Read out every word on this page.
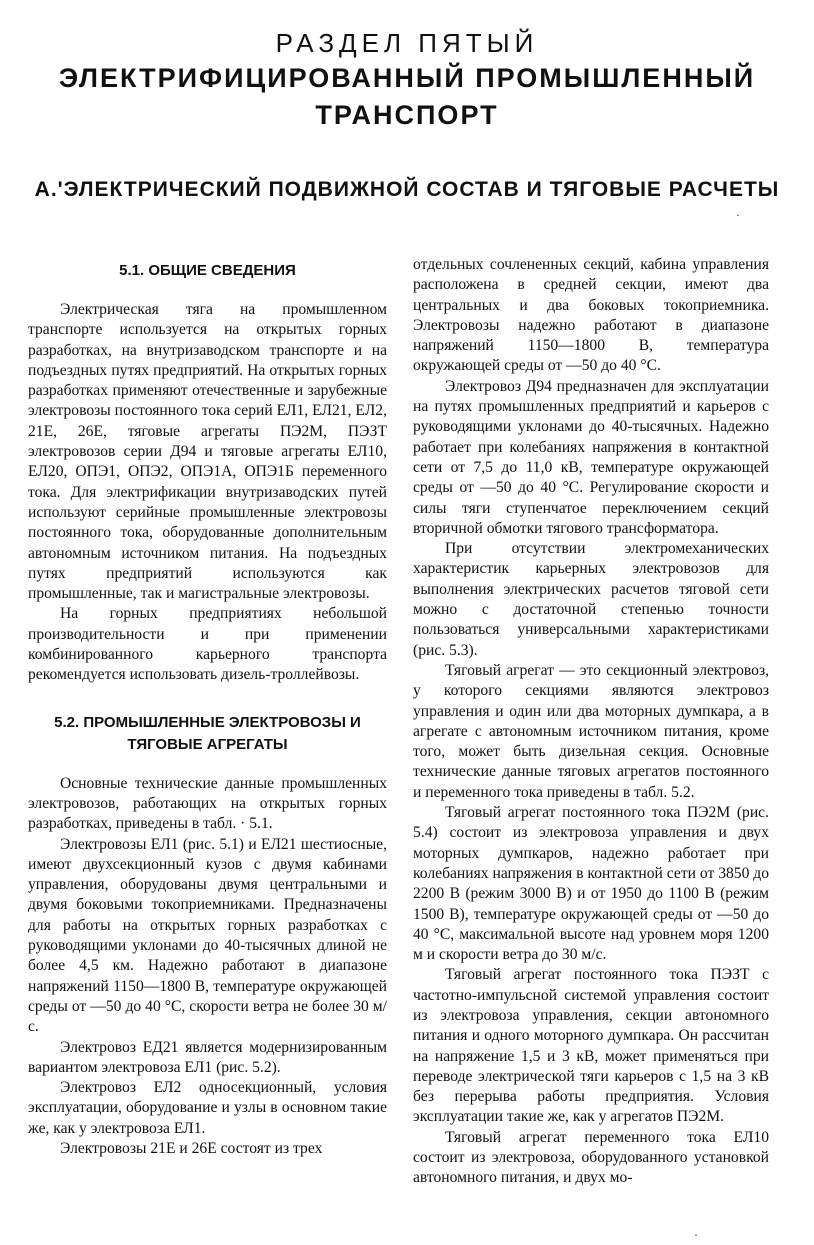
РАЗДЕЛ ПЯТЫЙ
ЭЛЕКТРИФИЦИРОВАННЫЙ ПРОМЫШЛЕННЫЙ
ТРАНСПОРТ
А.'ЭЛЕКТРИЧЕСКИЙ ПОДВИЖНОЙ СОСТАВ И ТЯГОВЫЕ РАСЧЕТЫ
5.1. ОБЩИЕ СВЕДЕНИЯ

Электрическая тяга на промышленном транспорте используется на открытых горных разработках, на внутризаводском транспорте и на подъездных путях предприятий. На открытых горных разработках применяют отечественные и зарубежные электровозы постоянного тока серий ЕЛ1, ЕЛ21, ЕЛ2, 21Е, 26Е, тяговые агрегаты ПЭ2М, ПЭЗТ электровозов серии Д94 и тяговые агрегаты ЕЛ10, ЕЛ20, ОПЭ1, ОПЭ2, ОПЭ1А, ОПЭ1Б переменного тока. Для электрификации внутризаводских путей используют серийные промышленные электровозы постоянного тока, оборудованные дополнительным автономным источником питания. На подъездных путях предприятий используются как промышленные, так и магистральные электровозы.

На горных предприятиях небольшой производительности и при применении комбинированного карьерного транспорта рекомендуется использовать дизель-троллейвозы.

5.2. ПРОМЫШЛЕННЫЕ ЭЛЕКТРОВОЗЫ И
ТЯГОВЫЕ АГРЕГАТЫ

Основные технические данные промышленных электровозов, работающих на открытых горных разработках, приведены в табл. · 5.1.

Электровозы ЕЛ1 (рис. 5.1) и ЕЛ21 шестиосные, имеют двухсекционный кузов с двумя кабинами управления, оборудованы двумя центральными и двумя боковыми токоприемниками. Предназначены для работы на открытых горных разработках с руководящими уклонами до 40-тысячных длиной не более 4,5 км. Надежно работают в диапазоне напряжений 1150—1800 В, температуре окружающей среды от —50 до 40 °С, скорости ветра не более 30 м/с.

Электровоз ЕД21 является модернизированным вариантом электровоза ЕЛ1 (рис. 5.2).

Электровоз ЕЛ2 односекционный, условия эксплуатации, оборудование и узлы в основном такие же, как у электровоза ЕЛ1.

Электровозы 21Е и 26Е состоят из трех

отдельных сочлененных секций, кабина управления расположена в средней секции, имеют два центральных и два боковых токоприемника. Электровозы надежно работают в диапазоне напряжений 1150—1800 В, температура окружающей среды от —50 до 40 °С.

Электровоз Д94 предназначен для эксплуатации на путях промышленных предприятий и карьеров с руководящими уклонами до 40-тысячных. Надежно работает при колебаниях напряжения в контактной сети от 7,5 до 11,0 кВ, температуре окружающей среды от —50 до 40 °С. Регулирование скорости и силы тяги ступенчатое переключением секций вторичной обмотки тягового трансформатора.

При отсутствии электромеханических характеристик карьерных электровозов для выполнения электрических расчетов тяговой сети можно с достаточной степенью точности пользоваться универсальными характеристиками (рис. 5.3).

Тяговый агрегат — это секционный электровоз, у которого секциями являются электровоз управления и один или два моторных думпкара, а в агрегате с автономным источником питания, кроме того, может быть дизельная секция. Основные технические данные тяговых агрегатов постоянного и переменного тока приведены в табл. 5.2.

Тяговый агрегат постоянного тока ПЭ2М (рис. 5.4) состоит из электровоза управления и двух моторных думпкаров, надежно работает при колебаниях напряжения в контактной сети от 3850 до 2200 В (режим 3000 В) и от 1950 до 1100 В (режим 1500 В), температуре окружающей среды от —50 до 40 °С, максимальной высоте над уровнем моря 1200 м и скорости ветра до 30 м/с.

Тяговый агрегат постоянного тока ПЭЗТ с частотно-импульсной системой управления состоит из электровоза управления, секции автономного питания и одного моторного думпкара. Он рассчитан на напряжение 1,5 и 3 кВ, может применяться при переводе электрической тяги карьеров с 1,5 на 3 кВ без перерыва работы предприятия. Условия эксплуатации такие же, как у агрегатов ПЭ2М.

Тяговый агрегат переменного тока ЕЛ10 состоит из электровоза, оборудованного установкой автономного питания, и двух мо-

·
·
